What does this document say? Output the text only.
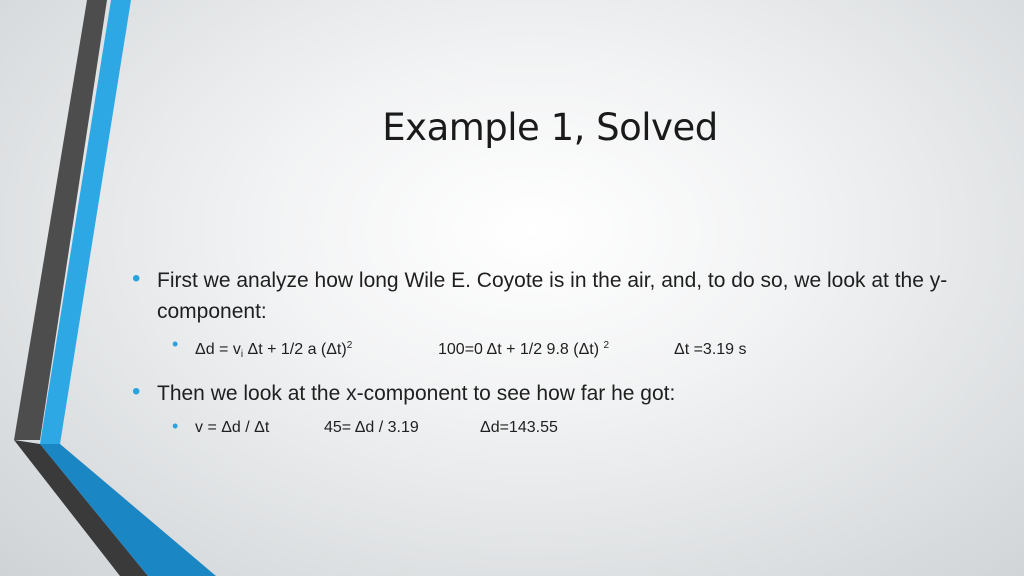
Example 1, Solved
• First we analyze how long Wile E. Coyote is in the air, and, to do so, we look at the y-component:
• $\Delta d = v_i$ Δt + 1/2 a $(\Delta t)^2$	100=0 Δt + 1/2 9.8 (Δt) $^2$	Δt =3.19 s
• Then we look at the x-component to see how far he got:
• v = Δd / Δt	45= Δd / 3.19	Δd=143.55
